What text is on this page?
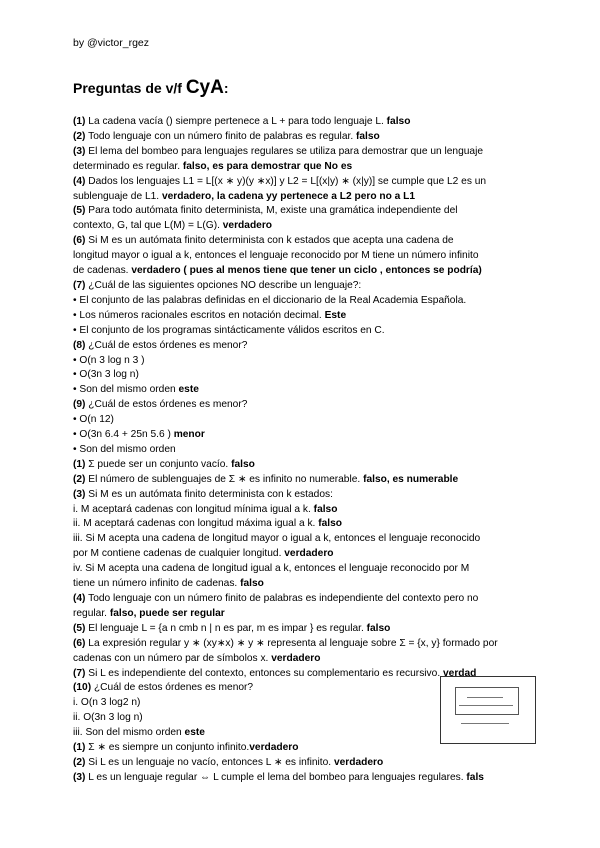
by @victor_rgez
Preguntas de v/f CyA:
(1) La cadena vacía () siempre pertenece a L + para todo lenguaje L. falso
(2) Todo lenguaje con un número finito de palabras es regular. falso
(3) El lema del bombeo para lenguajes regulares se utiliza para demostrar que un lenguaje
determinado es regular. falso, es para demostrar que No es
(4) Dados los lenguajes L1 = L[(x ∗ y)(y ∗x)] y L2 = L[(x|y) ∗ (x|y)] se cumple que L2 es un
sublenguaje de L1. verdadero, la cadena yy pertenece a L2 pero no a L1
(5) Para todo autómata finito determinista, M, existe una gramática independiente del
contexto, G, tal que L(M) = L(G). verdadero
(6) Si M es un autómata finito determinista con k estados que acepta una cadena de
longitud mayor o igual a k, entonces el lenguaje reconocido por M tiene un número infinito
de cadenas. verdadero ( pues al menos tiene que tener un ciclo , entonces se podría)
(7) ¿Cuál de las siguientes opciones NO describe un lenguaje?:
• El conjunto de las palabras definidas en el diccionario de la Real Academia Española.
• Los números racionales escritos en notación decimal. Este
• El conjunto de los programas sintácticamente válidos escritos en C.
(8) ¿Cuál de estos órdenes es menor?
• O(n 3 log n 3 )
• O(3n 3 log n)
• Son del mismo orden este
(9) ¿Cuál de estos órdenes es menor?
• O(n 12)
• O(3n 6.4 + 25n 5.6 ) menor
• Son del mismo orden
(1) Σ puede ser un conjunto vacío. falso
(2) El número de sublenguajes de Σ ∗ es infinito no numerable. falso, es numerable
(3) Si M es un autómata finito determinista con k estados:
i. M aceptará cadenas con longitud mínima igual a k. falso
ii. M aceptará cadenas con longitud máxima igual a k. falso
iii. Si M acepta una cadena de longitud mayor o igual a k, entonces el lenguaje reconocido
por M contiene cadenas de cualquier longitud. verdadero
iv. Si M acepta una cadena de longitud igual a k, entonces el lenguaje reconocido por M
tiene un número infinito de cadenas. falso
(4) Todo lenguaje con un número finito de palabras es independiente del contexto pero no
regular. falso, puede ser regular
(5) El lenguaje L = {a n cmb n | n es par, m es impar } es regular. falso
(6) La expresión regular y ∗ (xy∗x) ∗ y ∗ representa al lenguaje sobre Σ = {x, y} formado por
cadenas con un número par de símbolos x. verdadero
(7) Si L es independiente del contexto, entonces su complementario es recursivo. verdad
(10) ¿Cuál de estos órdenes es menor?
i. O(n 3 log2 n)
ii. O(3n 3 log n)
iii. Son del mismo orden este
(1) Σ ∗ es siempre un conjunto infinito.verdadero
(2) Si L es un lenguaje no vacío, entonces L ∗ es infinito. verdadero
(3) L es un lenguaje regular ⇔ L cumple el lema del bombeo para lenguajes regulares. fals
